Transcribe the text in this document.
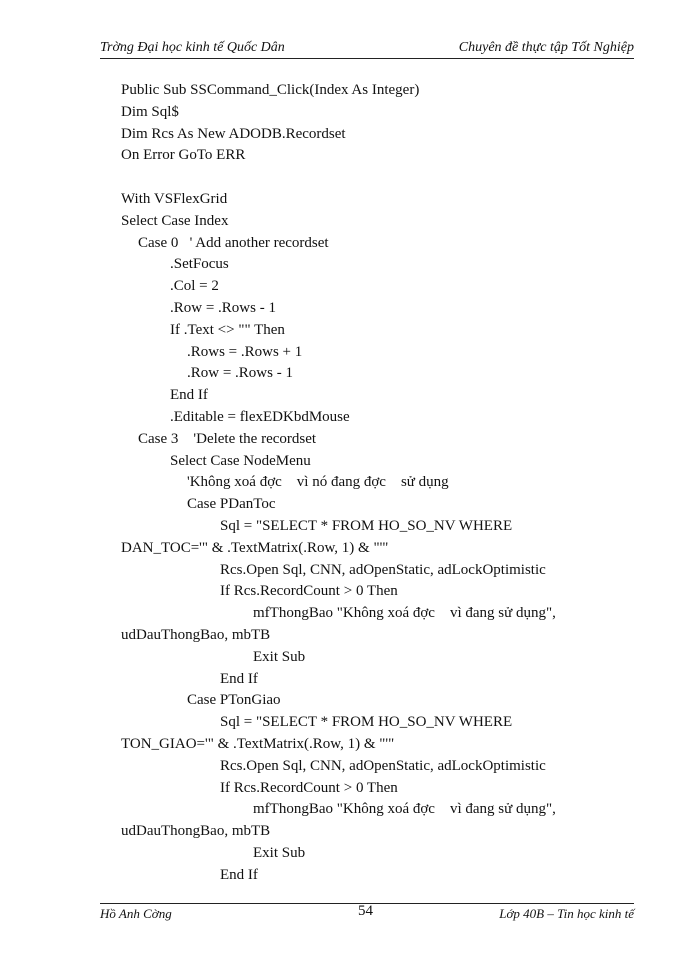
Trờng Đại học kinh tế Quốc Dân	Chuyên đề thực tập Tốt Nghiệp
Public Sub SSCommand_Click(Index As Integer)
Dim Sql$
Dim Rcs As New ADODB.Recordset
On Error GoTo ERR
With VSFlexGrid
Select Case Index
Case 0   ' Add another recordset
.SetFocus
.Col = 2
.Row = .Rows - 1
If .Text <> "" Then
.Rows = .Rows + 1
.Row = .Rows - 1
End If
.Editable = flexEDKbdMouse
Case 3    'Delete the recordset
Select Case NodeMenu
'Không xoá đợc    vì nó đang đợc    sử dụng
Case PDanToc
Sql = "SELECT * FROM HO_SO_NV WHERE
DAN_TOC='" & .TextMatrix(.Row, 1) & "'"
Rcs.Open Sql, CNN, adOpenStatic, adLockOptimistic
If Rcs.RecordCount > 0 Then
mfThongBao "Không xoá đợc    vì đang sử dụng",
udDauThongBao, mbTB
Exit Sub
End If
Case PTonGiao
Sql = "SELECT * FROM HO_SO_NV WHERE
TON_GIAO='" & .TextMatrix(.Row, 1) & "'"
Rcs.Open Sql, CNN, adOpenStatic, adLockOptimistic
If Rcs.RecordCount > 0 Then
mfThongBao "Không xoá đợc    vì đang sử dụng",
udDauThongBao, mbTB
Exit Sub
End If
Hồ Anh Cờng	54	Lớp 40B – Tin học kinh tế
